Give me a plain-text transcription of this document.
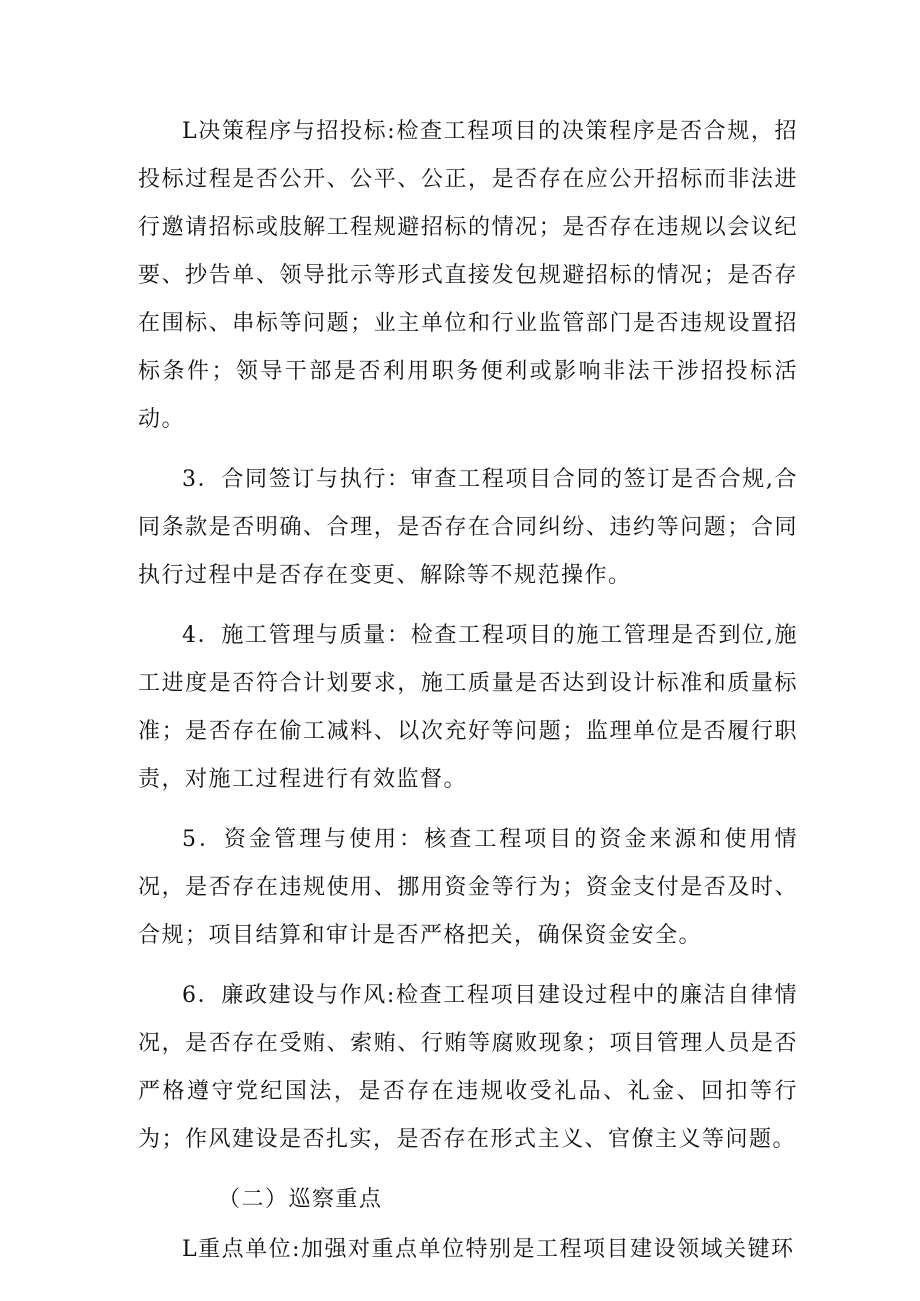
L决策程序与招投标:检查工程项目的决策程序是否合规，招投标过程是否公开、公平、公正，是否存在应公开招标而非法进行邀请招标或肢解工程规避招标的情况；是否存在违规以会议纪要、抄告单、领导批示等形式直接发包规避招标的情况；是否存在围标、串标等问题；业主单位和行业监管部门是否违规设置招标条件；领导干部是否利用职务便利或影响非法干涉招投标活动。

3．合同签订与执行：审查工程项目合同的签订是否合规,合同条款是否明确、合理，是否存在合同纠纷、违约等问题；合同执行过程中是否存在变更、解除等不规范操作。

4．施工管理与质量：检查工程项目的施工管理是否到位,施工进度是否符合计划要求，施工质量是否达到设计标准和质量标准；是否存在偷工减料、以次充好等问题；监理单位是否履行职责，对施工过程进行有效监督。

5．资金管理与使用：核查工程项目的资金来源和使用情况，是否存在违规使用、挪用资金等行为；资金支付是否及时、合规；项目结算和审计是否严格把关，确保资金安全。

6．廉政建设与作风:检查工程项目建设过程中的廉洁自律情况，是否存在受贿、索贿、行贿等腐败现象；项目管理人员是否严格遵守党纪国法，是否存在违规收受礼品、礼金、回扣等行为；作风建设是否扎实，是否存在形式主义、官僚主义等问题。

（二）巡察重点

L重点单位:加强对重点单位特别是工程项目建设领域关键环
